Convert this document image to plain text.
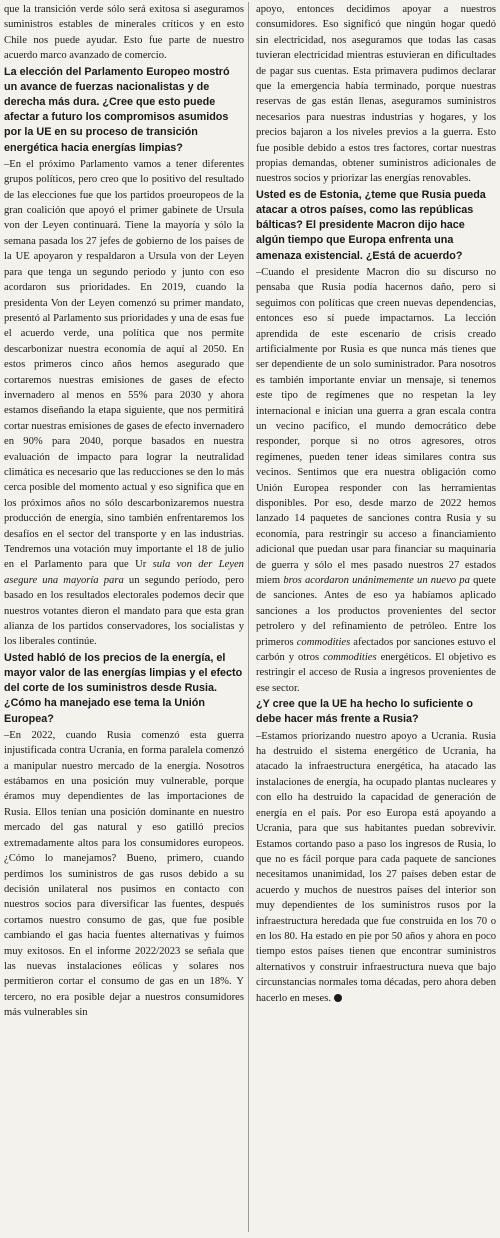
que la transición verde sólo será exitosa si aseguramos suministros estables de minerales críticos y en esto Chile nos puede ayudar. Esto fue parte de nuestro acuerdo marco avanzado de comercio.

La elección del Parlamento Europeo mostró un avance de fuerzas nacionalistas y de derecha más dura. ¿Cree que esto puede afectar a futuro los compromisos asumidos por la UE en su proceso de transición energética hacia energías limpias?

–En el próximo Parlamento vamos a tener diferentes grupos políticos, pero creo que lo positivo del resultado de las elecciones fue que los partidos proeuropeos de la gran coalición que apoyó el primer gabinete de Ursula von der Leyen continuará. Tiene la mayoría y sólo la semana pasada los 27 jefes de gobierno de los países de la UE apoyaron y respaldaron a Ursula von der Leyen para que tenga un segundo periodo y junto con eso acordaron sus prioridades. En 2019, cuando la presidenta Von der Leyen comenzó su primer mandato, presentó al Parlamento sus prioridades y una de esas fue el acuerdo verde, una política que nos permite descarbonizar nuestra economía de aquí al 2050. En estos primeros cinco años hemos asegurado que cortaremos nuestras emisiones de gases de efecto invernadero al menos en 55% para 2030 y ahora estamos diseñando la etapa siguiente, que nos permitirá cortar nuestras emisiones de gases de efecto invernadero en 90% para 2040, porque basados en nuestra evaluación de impacto para lograr la neutralidad climática es necesario que las reducciones se den lo más cerca posible del momento actual y eso significa que en los próximos años no sólo descarbonizaremos nuestra producción de energía, sino también enfrentaremos los desafíos en el sector del transporte y en las industrias. Tendremos una votación muy importante el 18 de julio en el Parlamento para que Ur sula von der Leyen asegure una mayoría para un segundo período, pero basado en los resultados electorales podemos decir que nuestros votantes dieron el mandato para que esta gran alianza de los partidos conservadores, los socialistas y los liberales continúe.

Usted habló de los precios de la energía, el mayor valor de las energías limpias y el efecto del corte de los suministros desde Rusia. ¿Cómo ha manejado ese tema la Unión Europea?

–En 2022, cuando Rusia comenzó esta guerra injustificada contra Ucrania, en forma paralela comenzó a manipular nuestro mercado de la energía. Nosotros estábamos en una posición muy vulnerable, porque éramos muy dependientes de las importaciones de Rusia. Ellos tenían una posición dominante en nuestro mercado del gas natural y eso gatilló precios extremadamente altos para los consumidores europeos. ¿Cómo lo manejamos? Bueno, primero, cuando perdimos los suministros de gas rusos debido a su decisión unilateral nos pusimos en contacto con nuestros socios para diversificar las fuentes, después cortamos nuestro consumo de gas, que fue posible cambiando el gas hacia fuentes alternativas y fuimos muy exitosos. En el informe 2022/2023 se señala que las nuevas instalaciones eólicas y solares nos permitieron cortar el consumo de gas en un 18%. Y tercero, no era posible dejar a nuestros consumidores más vulnerables sin

apoyo, entonces decidimos apoyar a nuestros consumidores. Eso significó que ningún hogar quedó sin electricidad, nos aseguramos que todas las casas tuvieran electricidad mientras estuvieran en dificultades de pagar sus cuentas. Esta primavera pudimos declarar que la emergencia había terminado, porque nuestras reservas de gas están llenas, aseguramos suministros necesarios para nuestras industrias y hogares, y los precios bajaron a los niveles previos a la guerra. Esto fue posible debido a estos tres factores, cortar nuestras propias demandas, obtener suministros adicionales de nuestros socios y priorizar las energías renovables.

Usted es de Estonia, ¿teme que Rusia pueda atacar a otros países, como las repúblicas bálticas? El presidente Macron dijo hace algún tiempo que Europa enfrenta una amenaza existencial. ¿Está de acuerdo?

–Cuando el presidente Macron dio su discurso no pensaba que Rusia podía hacernos daño, pero si seguimos con políticas que creen nuevas dependencias, entonces eso sí puede impactarnos. La lección aprendida de este escenario de crisis creado artificialmente por Rusia es que nunca más tienes que ser dependiente de un solo suministrador. Para nosotros es también importante enviar un mensaje, si tenemos este tipo de regímenes que no respetan la ley internacional e inician una guerra a gran escala contra un vecino pacífico, el mundo democrático debe responder, porque si no otros agresores, otros regímenes, pueden tener ideas similares contra sus vecinos. Sentimos que era nuestra obligación como Unión Europea responder con las herramientas disponibles. Por eso, desde marzo de 2022 hemos lanzado 14 paquetes de sanciones contra Rusia y su economía, para restringir su acceso a financiamiento adicional que puedan usar para financiar su maquinaria de guerra y sólo el mes pasado nuestros 27 estados miem bros acordaron unánimemente un nuevo pa quete de sanciones. Antes de eso ya habíamos aplicado sanciones a los productos provenientes del sector petrolero y del refinamiento de petróleo. Entre los primeros commodities afectados por sanciones estuvo el carbón y otros commodities energéticos. El objetivo es restringir el acceso de Rusia a ingresos provenientes de ese sector.

¿Y cree que la UE ha hecho lo suficiente o debe hacer más frente a Rusia?

–Estamos priorizando nuestro apoyo a Ucrania. Rusia ha destruido el sistema energético de Ucrania, ha atacado la infraestructura energética, ha atacado las instalaciones de energía, ha ocupado plantas nucleares y con ello ha destruido la capacidad de generación de energía en el país. Por eso Europa está apoyando a Ucrania, para que sus habitantes puedan sobrevivir. Estamos cortando paso a paso los ingresos de Rusia, lo que no es fácil porque para cada paquete de sanciones necesitamos unanimidad, los 27 países deben estar de acuerdo y muchos de nuestros países del interior son muy dependientes de los suministros rusos por la infraestructura heredada que fue construida en los 70 o en los 80. Ha estado en pie por 50 años y ahora en poco tiempo estos países tienen que encontrar suministros alternativos y construir infraestructura nueva que bajo circunstancias normales toma décadas, pero ahora deben hacerlo en meses.
